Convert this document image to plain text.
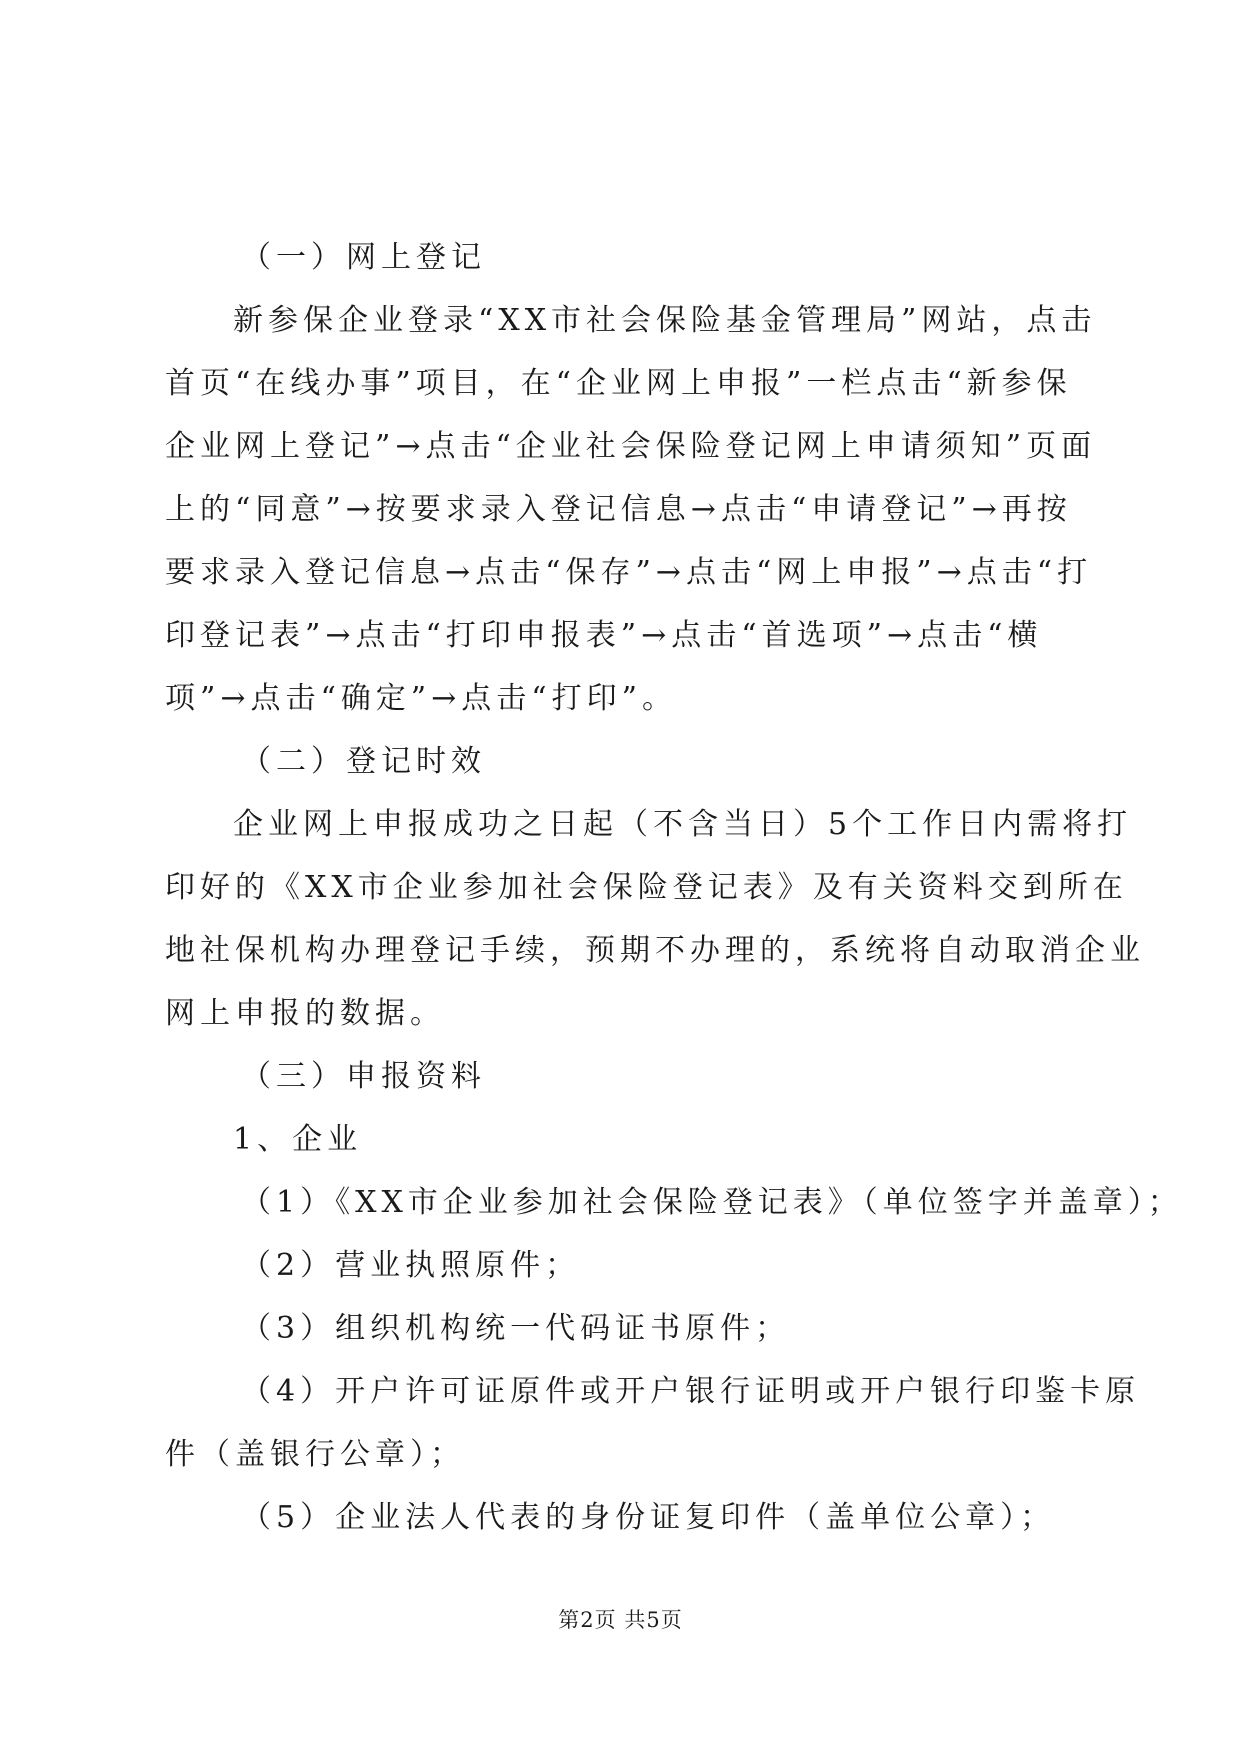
（一）网上登记
新参保企业登录“XX市社会保险基金管理局”网站，点击
首页“在线办事”项目，在“企业网上申报”一栏点击“新参保
企业网上登记”→点击“企业社会保险登记网上申请须知”页面
上的“同意”→按要求录入登记信息→点击“申请登记”→再按
要求录入登记信息→点击“保存”→点击“网上申报”→点击“打
印登记表”→点击“打印申报表”→点击“首选项”→点击“横
项”→点击“确定”→点击“打印”。
（二）登记时效
企业网上申报成功之日起（不含当日）5个工作日内需将打
印好的《XX市企业参加社会保险登记表》及有关资料交到所在
地社保机构办理登记手续，预期不办理的，系统将自动取消企业
网上申报的数据。
（三）申报资料
1、企业
（1）《XX市企业参加社会保险登记表》（单位签字并盖章）；
（2）营业执照原件；
（3）组织机构统一代码证书原件；
（4）开户许可证原件或开户银行证明或开户银行印鉴卡原
件（盖银行公章）；
（5）企业法人代表的身份证复印件（盖单位公章）；
第2页 共5页
